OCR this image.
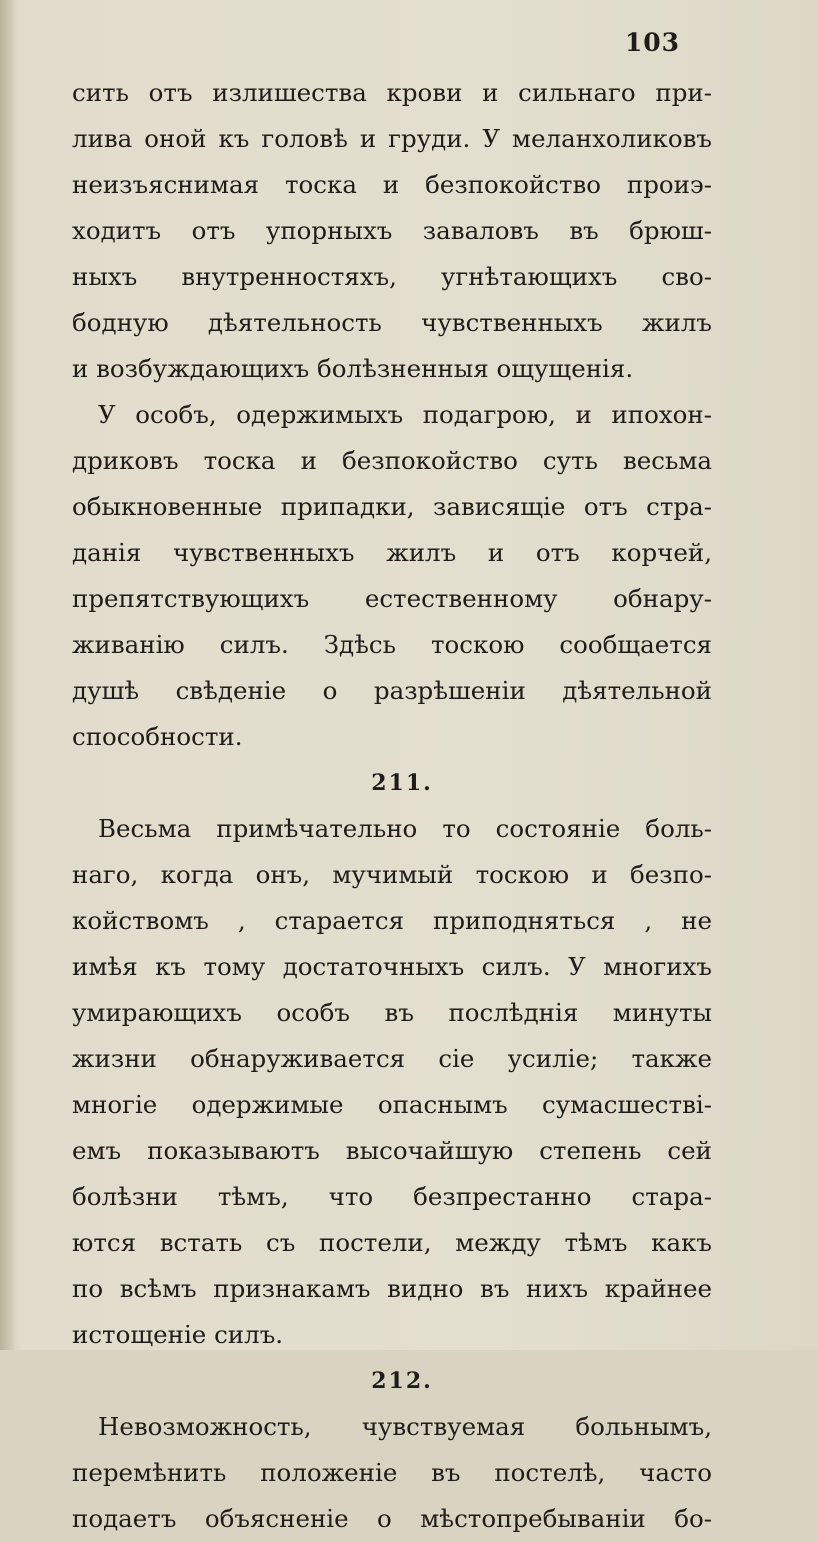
103
сить отъ излишества крови и сильнаго при-
лива оной къ головѣ и груди. У меланхоликовъ
неизъяснимая тоска и безпокойство проиэ-
ходитъ отъ упорныхъ заваловъ въ брюш-
ныхъ внутренностяхъ, угнѣтающихъ сво-
бодную дѣятельность чувственныхъ жилъ
и возбуждающихъ болѣзненныя ощущенія.
У особъ, одержимыхъ подагрою, и ипохон-
дриковъ тоска и безпокойство суть весьма
обыкновенные припадки, зависящіе отъ стра-
данія чувственныхъ жилъ и отъ корчей,
препятствующихъ естественному обнару-
живанію силъ. Здѣсь тоскою сообщается
душѣ свѣденіе о разрѣшеніи дѣятельной
способности.
211.
Весьма примѣчательно то состояніе боль-
наго, когда онъ, мучимый тоскою и безпо-
койствомъ , старается приподняться , не
имѣя къ тому достаточныхъ силъ. У многихъ
умирающихъ особъ въ послѣднія минуты
жизни обнаруживается сіе усиліе; также
многіе одержимые опаснымъ сумасшестві-
емъ показываютъ высочайшую степень сей
болѣзни тѣмъ, что безпрестанно стара-
ются встать съ постели, между тѣмъ какъ
по всѣмъ признакамъ видно въ нихъ крайнее
истощеніе силъ.
212.
Невозможность, чувствуемая больнымъ,
перемѣнить положеніе въ постелѣ, часто
подаетъ объясненіе о мѣстопребываніи бо-
